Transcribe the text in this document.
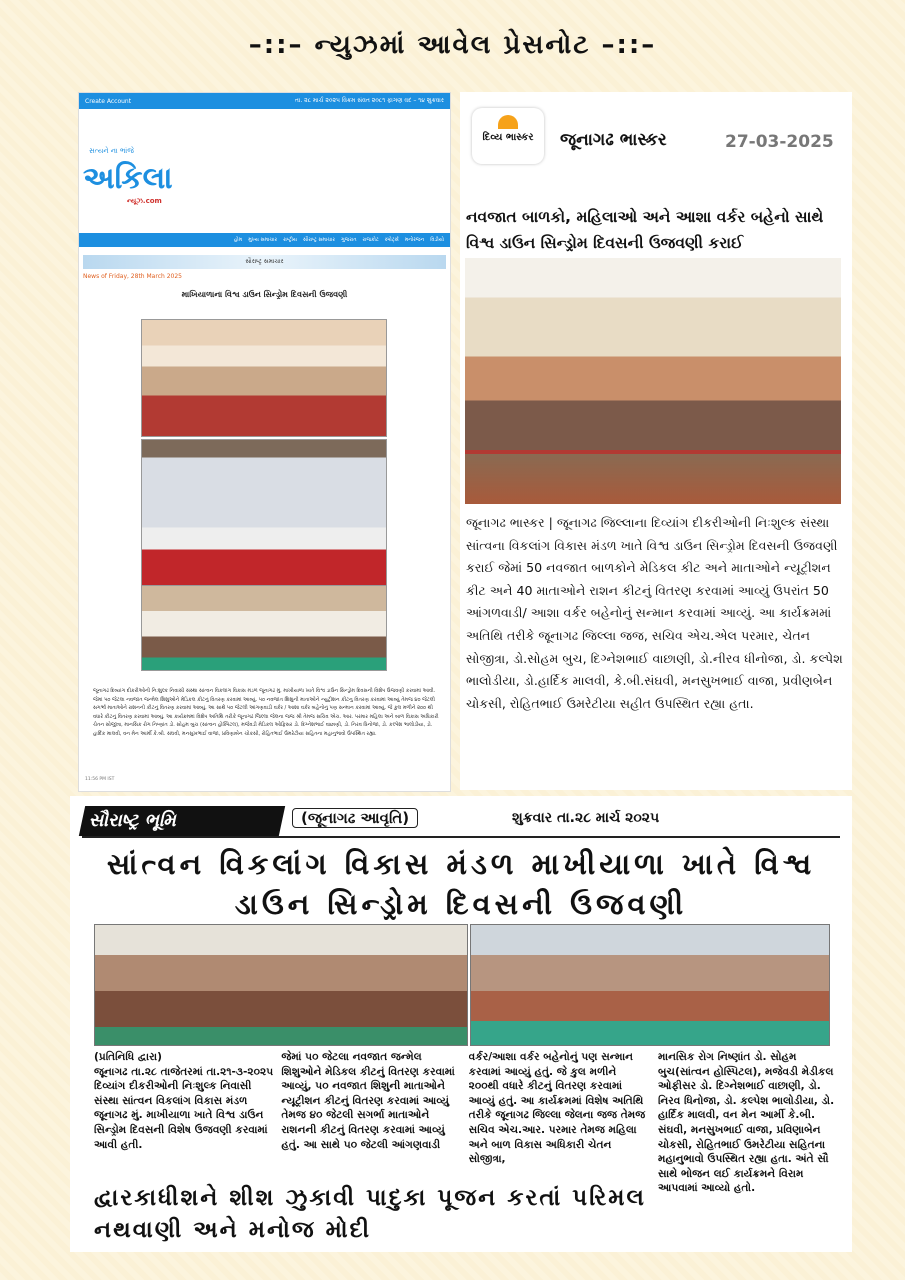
–::– ન્યુઝમાં આવેલ પ્રેસનોટ –::–
Create Account	તા. ૨૮ માર્ચ ૨૦૨૫ વિક્રમ સંવત ૨૦૮૧ ફાગણ વદ – ૧૪ શુક્રવાર
સત્યને ના ભાંજે
અકિલા
ન્યૂઝ.com
હોમ મુખ્ય સમાચાર રાષ્ટ્રીય સૌરાષ્ટ્ર સમાચાર ગુજરાત રાજકોટ સ્પોર્ટ્સ મનોરંજન વિડીયો
સૌરાષ્ટ્ર સમાચાર
News of Friday, 28th March 2025
માખિયાળાના વિશ્વ ડાઉન સિન્ડ્રોમ દિવસની ઉજવણી
જૂનાગઢ દિવ્યાંગ દીકરીઓની નિઃશુલ્ક નિવાસી સંસ્થા સાંત્વન વિકલાંગ વિકાસ મંડળ જૂનાગઢ મું. માખીયાળા ખાતે વિશ્વ ડાઉન સિન્ડ્રોમ દિવસની વિશેષ ઉજવણી કરવામાં આવી. જેમાં ૫૦ જેટલા નવજાત જન્મેલ શિશુઓને મેડિકલ કીટનું વિતરણ કરવામાં આવ્યું. ૫૦ નવજાત શિશુની માતાઓને ન્યુટ્રીશન કીટનુ વિતરણ કરવામાં આવ્યું તેમજ ૪૦ જેટલી સગર્ભા માતાઓને રાશનની કીટનું વિતરણ કરવામાં આવ્યું. આ સાથે ૫૦ જેટલી આંગણવાડી વર્કર / આશા વર્કર બહેનોનું પણ સન્માન કરવામાં આવ્યું. જે કુલ મળીને ૨૦૦ થી વધારે કીટનું વિતરણ કરવામાં આવ્યું. આ કાર્યક્રમમાં વિશેષ અતિથિ તરીકે જૂનાગઢ જિલ્લા જેલના જજ શ્રી તેમજ સચિવ એચ. આર. પરમાર મહિલા અને બાળ વિકાસ અધિકારી ચેતન સોજીત્રા, માનસિક રોગ નિષ્ણાંત ડો. સોહમ બુચ (સાંત્વન હોસ્પિટલ), મજેવડી મેડિકલ ઓફિસર ડો. દિગ્નેશભાઈ વાછાણી, ડો. નિરવ ધિનોજા, ડો. કલ્પેશ ભાલોડીયા, ડો. હાર્દિક માલવી, વન મેન આર્મી કે.બી. સંઘવી, મનસુખભાઈ વાજા, પ્રવિણાબેન ચોકસી, રોહિતભાઈ ઉમરેટીયા સહિતના મહાનુભાવો ઉપસ્થિત રહ્યા.
11:56 PM IST
દિવ્ય ભાસ્કર	જૂનાગઢ ભાસ્કર	27-03-2025
નવજાત બાળકો, મહિલાઓ અને આશા વર્કર બહેનો સાથે વિશ્વ ડાઉન સિન્ડ્રોમ દિવસની ઉજવણી કરાઈ
જૂનાગઢ ભાસ્કર | જૂનાગઢ જિલ્લાના દિવ્યાંગ દીકરીઓની નિઃશુલ્ક સંસ્થા સાંત્વના વિકલાંગ વિકાસ મંડળ ખાતે વિશ્વ ડાઉન સિન્ડ્રોમ દિવસની ઉજવણી કરાઈ જેમાં 50 નવજાત બાળકોને મેડિકલ કીટ અને માતાઓને ન્યૂટ્રીશન કીટ અને 40 માતાઓને રાશન કીટનું વિતરણ કરવામાં આવ્યું ઉપરાંત 50 આંગળવાડી/ આશા વર્કર બહેનોનું સન્માન કરવામાં આવ્યું. આ કાર્યક્રમમાં અતિથિ તરીકે જૂનાગઢ જિલ્લા જજ, સચિવ એચ.એલ પરમાર, ચેતન સોજીત્રા, ડો.સોહમ બુચ, દિગ્નેશભાઈ વાછાણી, ડો.નીરવ ધીનોજા, ડો. કલ્પેશ ભાલોડીયા, ડો.હાર્દિક માલવી, કે.બી.સંઘવી, મનસુખભાઈ વાજા, પ્રવીણબેન ચોકસી, રોહિતભાઈ ઉમરેટીયા સહીત ઉપસ્થિત રહ્યા હતા.
સૌરાષ્ટ્ર ભૂમિ	(જૂનાગઢ આવૃતિ)	શુક્રવાર તા.૨૮ માર્ચ ૨૦૨૫
સાંત્વન વિકલાંગ વિકાસ મંડળ માખીયાળા ખાતે વિશ્વ ડાઉન સિન્ડ્રોમ દિવસની ઉજવણી

(પ્રતિનિધિ દ્વારા)

જૂનાગઢ તા.૨૮ તાજેતરમાં તા.૨૧-૩-૨૦૨૫ દિવ્યાંગ દીકરીઓની નિઃશુલ્ક નિવાસી સંસ્થા સાંત્વન વિકલાંગ વિકાસ મંડળ જૂનાગઢ મું. માખીયાળા ખાતે વિશ્વ ડાઉન સિન્ડ્રોમ દિવસની વિશેષ ઉજવણી કરવામાં આવી હતી.

જેમાં ૫૦ જેટલા નવજાત જન્મેલ શિશુઓને મેડિકલ કીટનું વિતરણ કરવામાં આવ્યું, ૫૦ નવજાત શિશુની માતાઓને ન્યૂટ્રીશન કીટનું વિતરણ કરવામાં આવ્યું તેમજ ૪૦ જેટલી સગર્ભા માતાઓને રાશનની કીટનું વિતરણ કરવામાં આવ્યું હતું. આ સાથે ૫૦ જેટલી આંગણવાડી
વર્કર/આશા વર્કર બહેનોનું પણ સન્માન કરવામાં આવ્યું હતું. જે કુલ મળીને ૨૦૦થી વધારે કીટનું વિતરણ કરવામાં આવ્યું હતું. આ કાર્યક્રમમાં વિશેષ અતિથિ તરીકે જૂનાગઢ જિલ્લા જેલના જજ તેમજ સચિવ એચ.આર. પરમાર તેમજ મહિલા અને બાળ વિકાસ અધિકારી ચેતન સોજીત્રા,
માનસિક રોગ નિષ્ણાંત ડો. સોહમ બુચ(સાંત્વન હોસ્પિટલ), મજેવડી મેડીકલ ઓફીસર ડો. દિગ્નેશભાઈ વાછાણી, ડો. નિરવ ધિનોજા, ડો. કલ્પેશ ભાલોડીયા, ડો. હાર્દિક માલવી, વન મેન આર્મી કે.બી. સંઘવી, મનસુખભાઈ વાજા, પ્રવિણાબેન ચોકસી, રોહિતભાઈ ઉમરેટીયા સહિતના મહાનુભાવો ઉપસ્થિત રહ્યા હતા. અંતે સૌ સાથે ભોજન લઈ કાર્યક્રમને વિરામ આપવામાં આવ્યો હતો.
દ્વારકાધીશને શીશ ઝુકાવી પાદુકા પૂજન કરતાં પરિમલ નથવાણી અને મનોજ મોદી
